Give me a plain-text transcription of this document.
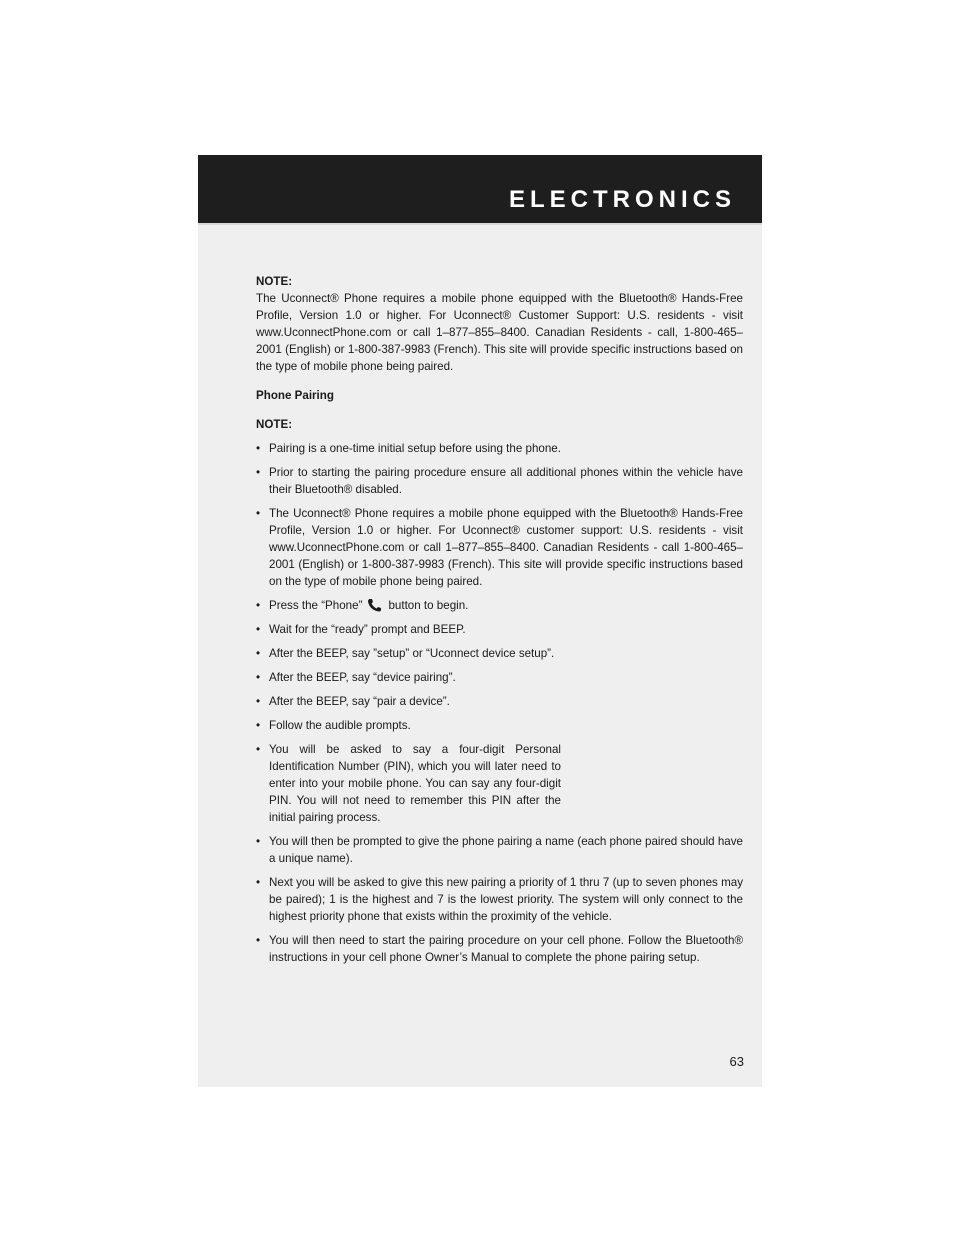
ELECTRONICS

NOTE:

The Uconnect® Phone requires a mobile phone equipped with the Bluetooth® Hands-Free Profile, Version 1.0 or higher. For Uconnect® Customer Support: U.S. residents - visit www.UconnectPhone.com or call 1–877–855–8400. Canadian Residents - call, 1-800-465–2001 (English) or 1-800-387-9983 (French). This site will provide specific instructions based on the type of mobile phone being paired.

Phone Pairing

NOTE:

• Pairing is a one-time initial setup before using the phone.
• Prior to starting the pairing procedure ensure all additional phones within the vehicle have their Bluetooth® disabled.
• The Uconnect® Phone requires a mobile phone equipped with the Bluetooth® Hands-Free Profile, Version 1.0 or higher. For Uconnect® customer support: U.S. residents - visit www.UconnectPhone.com or call 1–877–855–8400. Canadian Residents - call 1-800-465–2001 (English) or 1-800-387-9983 (French). This site will provide specific instructions based on the type of mobile phone being paired.
• Press the “Phone” button to begin.
• Wait for the “ready” prompt and BEEP.
• After the BEEP, say ”setup” or “Uconnect device setup”.
• After the BEEP, say “device pairing”.
• After the BEEP, say “pair a device”.
• Follow the audible prompts.
• You will be asked to say a four-digit Personal Identification Number (PIN), which you will later need to enter into your mobile phone. You can say any four-digit PIN. You will not need to remember this PIN after the initial pairing process.
• You will then be prompted to give the phone pairing a name (each phone paired should have a unique name).
• Next you will be asked to give this new pairing a priority of 1 thru 7 (up to seven phones may be paired); 1 is the highest and 7 is the lowest priority. The system will only connect to the highest priority phone that exists within the proximity of the vehicle.
• You will then need to start the pairing procedure on your cell phone. Follow the Bluetooth® instructions in your cell phone Owner’s Manual to complete the phone pairing setup.
63
